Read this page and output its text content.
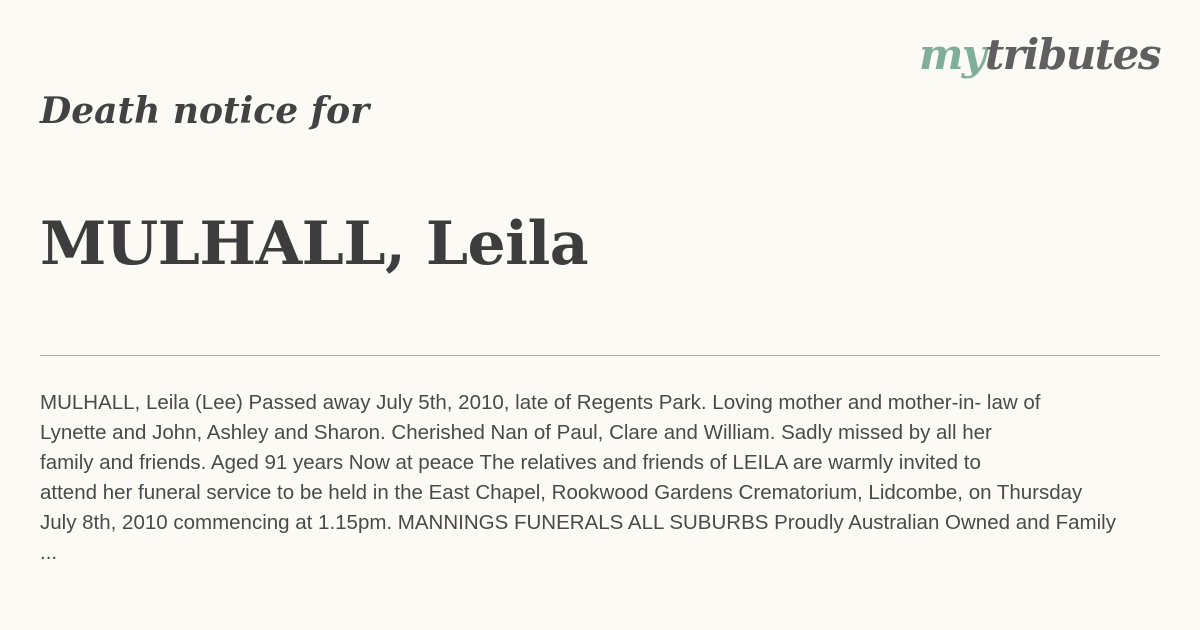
mytributes
Death notice for
MULHALL, Leila

MULHALL, Leila (Lee) Passed away July 5th, 2010, late of Regents Park. Loving mother and mother-in- law of
Lynette and John, Ashley and Sharon. Cherished Nan of Paul, Clare and William. Sadly missed by all her
family and friends. Aged 91 years Now at peace The relatives and friends of LEILA are warmly invited to
attend her funeral service to be held in the East Chapel, Rookwood Gardens Crematorium, Lidcombe, on Thursday
July 8th, 2010 commencing at 1.15pm. MANNINGS FUNERALS ALL SUBURBS Proudly Australian Owned and Family
...
